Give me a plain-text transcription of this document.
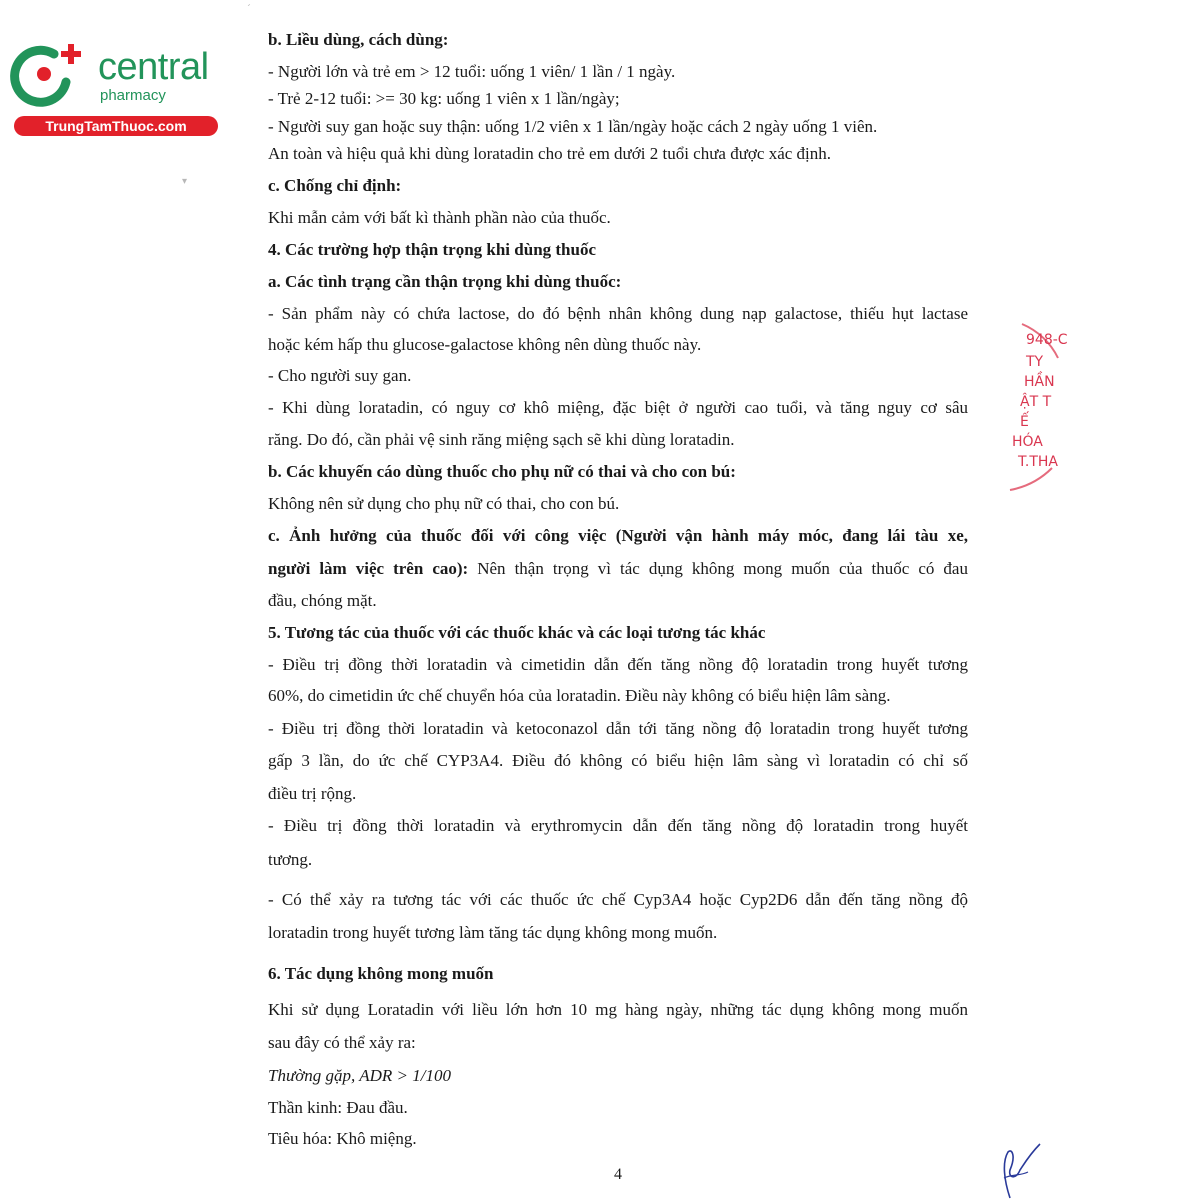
central
pharmacy
TrungTamThuoc.com
´
▾
b. Liều dùng, cách dùng:
- Người lớn và trẻ em > 12 tuổi: uống 1 viên/ 1 lần / 1 ngày.
- Trẻ 2-12 tuổi: >= 30 kg: uống 1 viên x 1 lần/ngày;
- Người suy gan hoặc suy thận: uống 1/2 viên x 1 lần/ngày hoặc cách 2 ngày uống 1 viên.
An toàn và hiệu quả khi dùng loratadin cho trẻ em dưới 2 tuổi chưa được xác định.
c. Chống chỉ định:
Khi mẫn cảm với bất kì thành phần nào của thuốc.
4. Các trường hợp thận trọng khi dùng thuốc
a. Các tình trạng cần thận trọng khi dùng thuốc:
- Sản phẩm này có chứa lactose, do đó bệnh nhân không dung nạp galactose, thiếu hụt lactase
hoặc kém hấp thu glucose-galactose không nên dùng thuốc này.
- Cho người suy gan.
- Khi dùng loratadin, có nguy cơ khô miệng, đặc biệt ở người cao tuổi, và tăng nguy cơ sâu
răng. Do đó, cần phải vệ sinh răng miệng sạch sẽ khi dùng loratadin.
b. Các khuyến cáo dùng thuốc cho phụ nữ có thai và cho con bú:
Không nên sử dụng cho phụ nữ có thai, cho con bú.
c. Ảnh hưởng của thuốc đối với công việc (Người vận hành máy móc, đang lái tàu xe,
người làm việc trên cao): Nên thận trọng vì tác dụng không mong muốn của thuốc có đau
đầu, chóng mặt.
5. Tương tác của thuốc với các thuốc khác và các loại tương tác khác
- Điều trị đồng thời loratadin và cimetidin dẫn đến tăng nồng độ loratadin trong huyết tương
60%, do cimetidin ức chế chuyển hóa của loratadin. Điều này không có biểu hiện lâm sàng.
- Điều trị đồng thời loratadin và ketoconazol dẫn tới tăng nồng độ loratadin trong huyết tương
gấp 3 lần, do ức chế CYP3A4. Điều đó không có biểu hiện lâm sàng vì loratadin có chỉ số
điều trị rộng.
- Điều trị đồng thời loratadin và erythromycin dẫn đến tăng nồng độ loratadin trong huyết
tương.
- Có thể xảy ra tương tác với các thuốc ức chế Cyp3A4 hoặc Cyp2D6 dẫn đến tăng nồng độ
loratadin trong huyết tương làm tăng tác dụng không mong muốn.
6. Tác dụng không mong muốn
Khi sử dụng Loratadin với liều lớn hơn 10 mg hàng ngày, những tác dụng không mong muốn
sau đây có thể xảy ra:
Thường gặp, ADR > 1/100
Thần kinh: Đau đầu.
Tiêu hóa: Khô miệng.
4
948-C
TY
HẦN
ẬT T
Ế
HÓA
T.THA
